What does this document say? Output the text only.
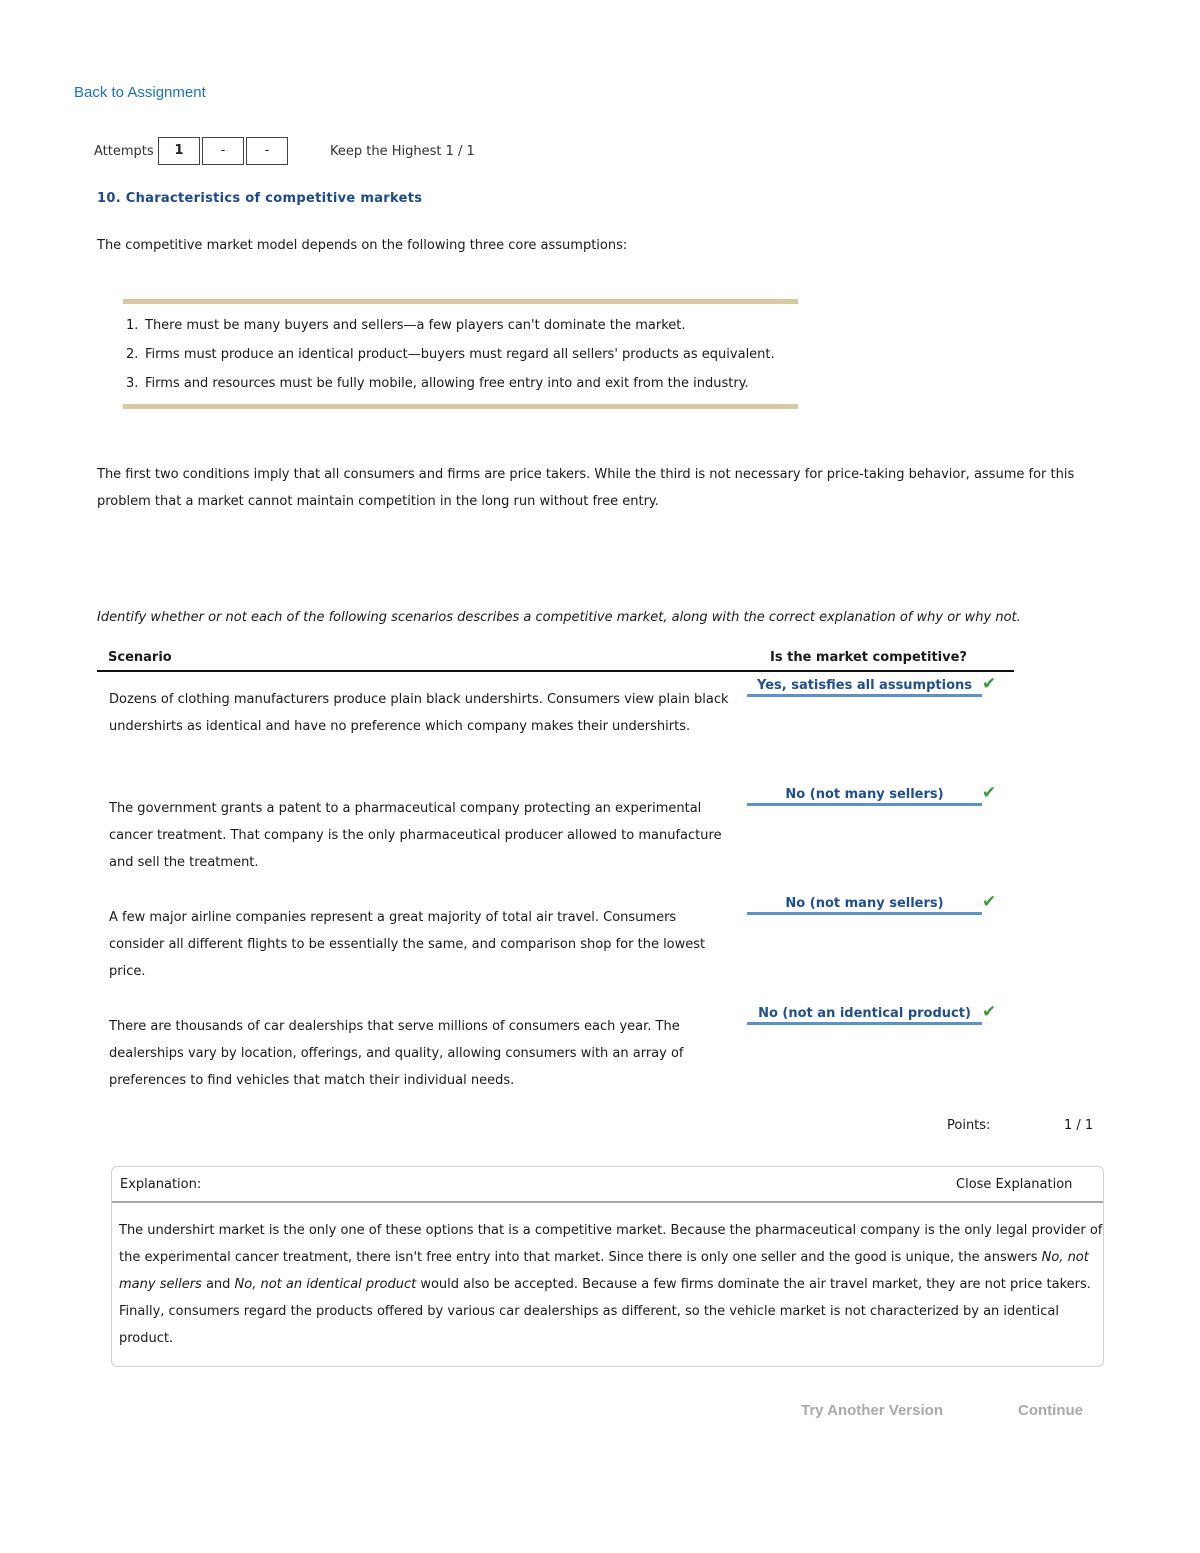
Back to Assignment
Attempts	1	-	-	Keep the Highest 1 / 1
10. Characteristics of competitive markets
The competitive market model depends on the following three core assumptions:
1. There must be many buyers and sellers—a few players can't dominate the market.
2. Firms must produce an identical product—buyers must regard all sellers' products as equivalent.
3. Firms and resources must be fully mobile, allowing free entry into and exit from the industry.
The first two conditions imply that all consumers and firms are price takers. While the third is not necessary for price-taking behavior, assume for this problem that a market cannot maintain competition in the long run without free entry.
Identify whether or not each of the following scenarios describes a competitive market, along with the correct explanation of why or why not.
Scenario	Is the market competitive?
Dozens of clothing manufacturers produce plain black undershirts. Consumers view plain black undershirts as identical and have no preference which company makes their undershirts.
Yes, satisfies all assumptions ✔
The government grants a patent to a pharmaceutical company protecting an experimental cancer treatment. That company is the only pharmaceutical producer allowed to manufacture and sell the treatment.
No (not many sellers)	✔
A few major airline companies represent a great majority of total air travel. Consumers consider all different flights to be essentially the same, and comparison shop for the lowest price.
No (not many sellers)	✔
There are thousands of car dealerships that serve millions of consumers each year. The dealerships vary by location, offerings, and quality, allowing consumers with an array of preferences to find vehicles that match their individual needs.
No (not an identical product) ✔
Points:	1 / 1
Explanation:	Close Explanation
The undershirt market is the only one of these options that is a competitive market. Because the pharmaceutical company is the only legal provider of the experimental cancer treatment, there isn't free entry into that market. Since there is only one seller and the good is unique, the answers No, not many sellers and No, not an identical product would also be accepted. Because a few firms dominate the air travel market, they are not price takers. Finally, consumers regard the products offered by various car dealerships as different, so the vehicle market is not characterized by an identical product.
Try Another Version	Continue
